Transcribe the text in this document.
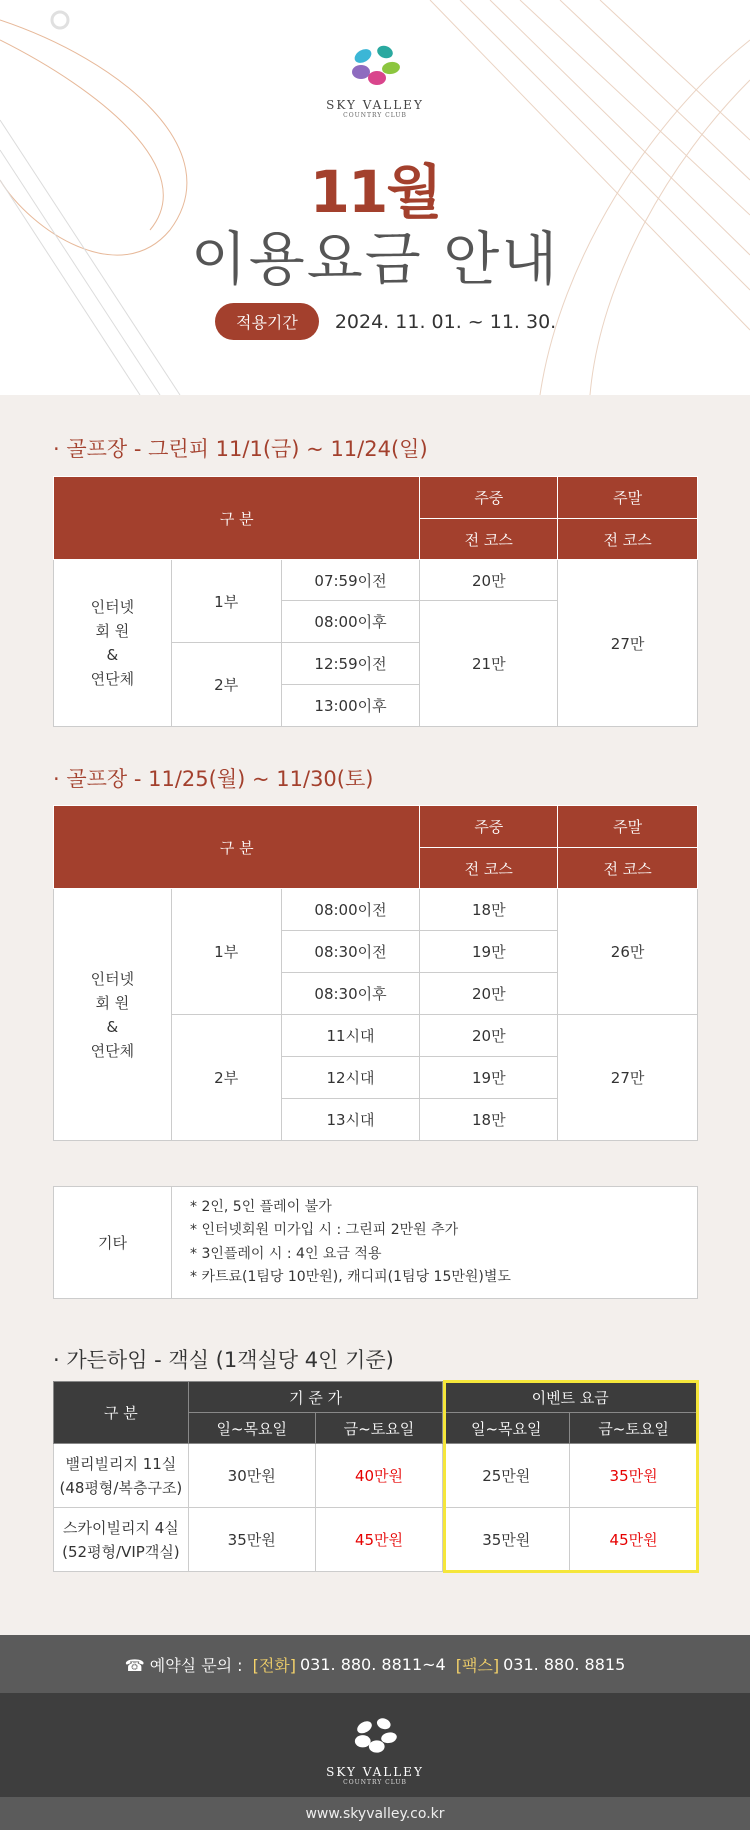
SKY VALLEY
COUNTRY CLUB
11월
이용요금 안내
적용기간	2024. 11. 01. ~ 11. 30.
· 골프장 - 그린피 11/1(금) ~ 11/24(일)
구 분			주중	주말
			전 코스	전 코스
인터넷
회 원
&
연단체	1부	07:59이전	20만	27만
		08:00이후	21만	
	2부	12:59이전		
		13:00이후		
· 골프장 - 11/25(월) ~ 11/30(토)
구 분			주중	주말
			전 코스	전 코스
인터넷
회 원
&
연단체	1부	08:00이전	18만	26만
		08:30이전	19만	
		08:30이후	20만	
	2부	11시대	20만	27만
		12시대	19만	
		13시대	18만	
기타	
* 2인, 5인 플레이 불가
* 인터넷회원 미가입 시 : 그린피 2만원 추가
* 3인플레이 시 : 4인 요금 적용
* 카트료(1팀당 10만원), 캐디피(1팀당 15만원)별도
· 가든하임 - 객실 (1객실당 4인 기준)
구 분	기 준 가		이벤트 요금	
	일~목요일	금~토요일	일~목요일	금~토요일
밸리빌리지 11실
(48평형/복층구조)	30만원	40만원	25만원	35만원
스카이빌리지 4실
(52평형/VIP객실)	35만원	45만원	35만원	45만원
☎ 예약실 문의 : [전화] 031. 880. 8811~4 [팩스] 031. 880. 8815
SKY VALLEY
COUNTRY CLUB
www.skyvalley.co.kr
